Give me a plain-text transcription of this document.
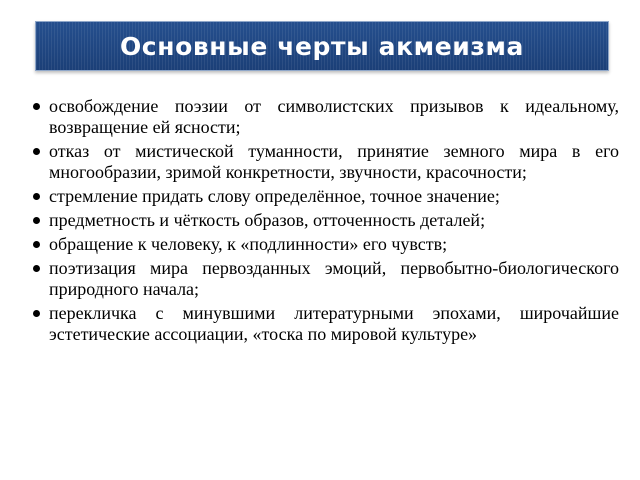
Основные черты акмеизма
освобождение поэзии от символистских призывов к идеальному, возвращение ей ясности;
отказ от мистической туманности, принятие земного мира в его многообразии, зримой конкретности, звучности, красочности;
стремление придать слову определённое, точное значение;
предметность и чёткость образов, отточенность деталей;
обращение к человеку, к «подлинности» его чувств;
поэтизация мира первозданных эмоций, первобытно-биологического природного начала;
перекличка с минувшими литературными эпохами, широчайшие эстетические ассоциации, «тоска по мировой культуре»
